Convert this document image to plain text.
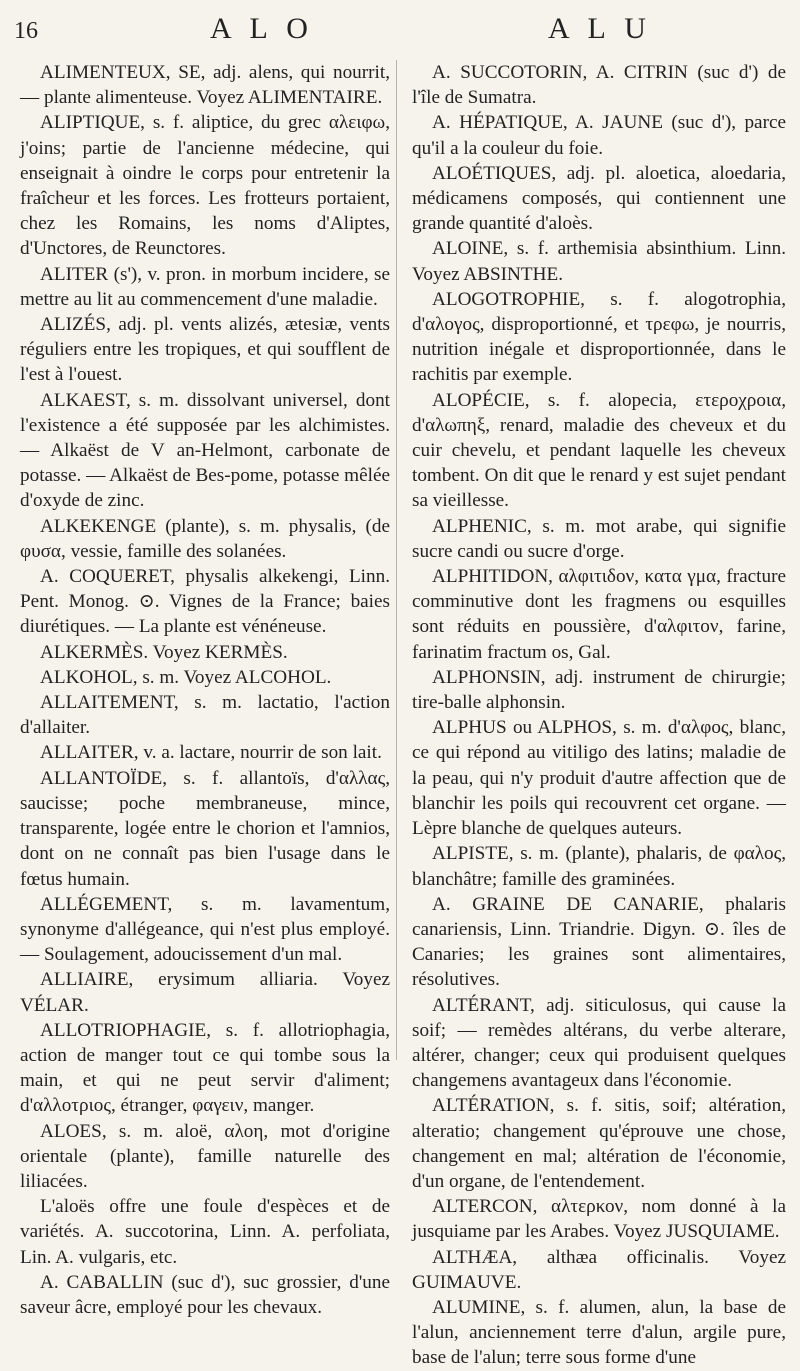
16	A L O	A L U

ALIMENTEUX, SE, adj. alens, qui nourrit, — plante alimenteuse. Voyez ALIMENTAIRE.

ALIPTIQUE, s. f. aliptice, du grec αλειφω, j'oins; partie de l'ancienne médecine, qui enseignait à oindre le corps pour entretenir la fraîcheur et les forces. Les frotteurs portaient, chez les Romains, les noms d'Aliptes, d'Unctores, de Reunctores.

ALITER (s'), v. pron. in morbum incidere, se mettre au lit au commencement d'une maladie.

ALIZÉS, adj. pl. vents alizés, ætesiæ, vents réguliers entre les tropiques, et qui soufflent de l'est à l'ouest.

ALKAEST, s. m. dissolvant universel, dont l'existence a été supposée par les alchimistes. — Alkaëst de V an-Helmont, carbonate de potasse. — Alkaëst de Bes-pome, potasse mêlée d'oxyde de zinc.

ALKEKENGE (plante), s. m. physalis, (de φυσα, vessie, famille des solanées.

A. COQUERET, physalis alkekengi, Linn. Pent. Monog. ⊙. Vignes de la France; baies diurétiques. — La plante est vénéneuse.

ALKERMÈS. Voyez KERMÈS.

ALKOHOL, s. m. Voyez ALCOHOL.

ALLAITEMENT, s. m. lactatio, l'action d'allaiter.

ALLAITER, v. a. lactare, nourrir de son lait.

ALLANTOÏDE, s. f. allantoïs, d'αλλας, saucisse; poche membraneuse, mince, transparente, logée entre le chorion et l'amnios, dont on ne connaît pas bien l'usage dans le fœtus humain.

ALLÉGEMENT, s. m. lavamentum, synonyme d'allégeance, qui n'est plus employé. — Soulagement, adoucissement d'un mal.

ALLIAIRE, erysimum alliaria. Voyez VÉLAR.

ALLOTRIOPHAGIE, s. f. allotriophagia, action de manger tout ce qui tombe sous la main, et qui ne peut servir d'aliment; d'αλλοτριος, étranger, φαγειν, manger.

ALOES, s. m. aloë, αλοη, mot d'origine orientale (plante), famille naturelle des liliacées.

L'aloës offre une foule d'espèces et de variétés. A. succotorina, Linn. A. perfoliata, Lin. A. vulgaris, etc.

A. CABALLIN (suc d'), suc grossier, d'une saveur âcre, employé pour les chevaux.

A. SUCCOTORIN, A. CITRIN (suc d') de l'île de Sumatra.

A. HÉPATIQUE, A. JAUNE (suc d'), parce qu'il a la couleur du foie.

ALOÉTIQUES, adj. pl. aloetica, aloedaria, médicamens composés, qui contiennent une grande quantité d'aloès.

ALOINE, s. f. arthemisia absinthium. Linn. Voyez ABSINTHE.

ALOGOTROPHIE, s. f. alogotrophia, d'αλογος, disproportionné, et τρεφω, je nourris, nutrition inégale et disproportionnée, dans le rachitis par exemple.

ALOPÉCIE, s. f. alopecia, ετεροχροια, d'αλωπηξ, renard, maladie des cheveux et du cuir chevelu, et pendant laquelle les cheveux tombent. On dit que le renard y est sujet pendant sa vieillesse.

ALPHENIC, s. m. mot arabe, qui signifie sucre candi ou sucre d'orge.

ALPHITIDON, αλφιτιδον, κατα γμα, fracture comminutive dont les fragmens ou esquilles sont réduits en poussière, d'αλφιτον, farine, farinatim fractum os, Gal.

ALPHONSIN, adj. instrument de chirurgie; tire-balle alphonsin.

ALPHUS ou ALPHOS, s. m. d'αλφος, blanc, ce qui répond au vitiligo des latins; maladie de la peau, qui n'y produit d'autre affection que de blanchir les poils qui recouvrent cet organe. — Lèpre blanche de quelques auteurs.

ALPISTE, s. m. (plante), phalaris, de φαλος, blanchâtre; famille des graminées.

A. GRAINE DE CANARIE, phalaris canariensis, Linn. Triandrie. Digyn. ⊙. îles de Canaries; les graines sont alimentaires, résolutives.

ALTÉRANT, adj. siticulosus, qui cause la soif; — remèdes altérans, du verbe alterare, altérer, changer; ceux qui produisent quelques changemens avantageux dans l'économie.

ALTÉRATION, s. f. sitis, soif; altération, alteratio; changement qu'éprouve une chose, changement en mal; altération de l'économie, d'un organe, de l'entendement.

ALTERCON, αλτερκον, nom donné à la jusquiame par les Arabes. Voyez JUSQUIAME.

ALTHÆA, althæa officinalis. Voyez GUIMAUVE.

ALUMINE, s. f. alumen, alun, la base de l'alun, anciennement terre d'alun, argile pure, base de l'alun; terre sous forme d'une
